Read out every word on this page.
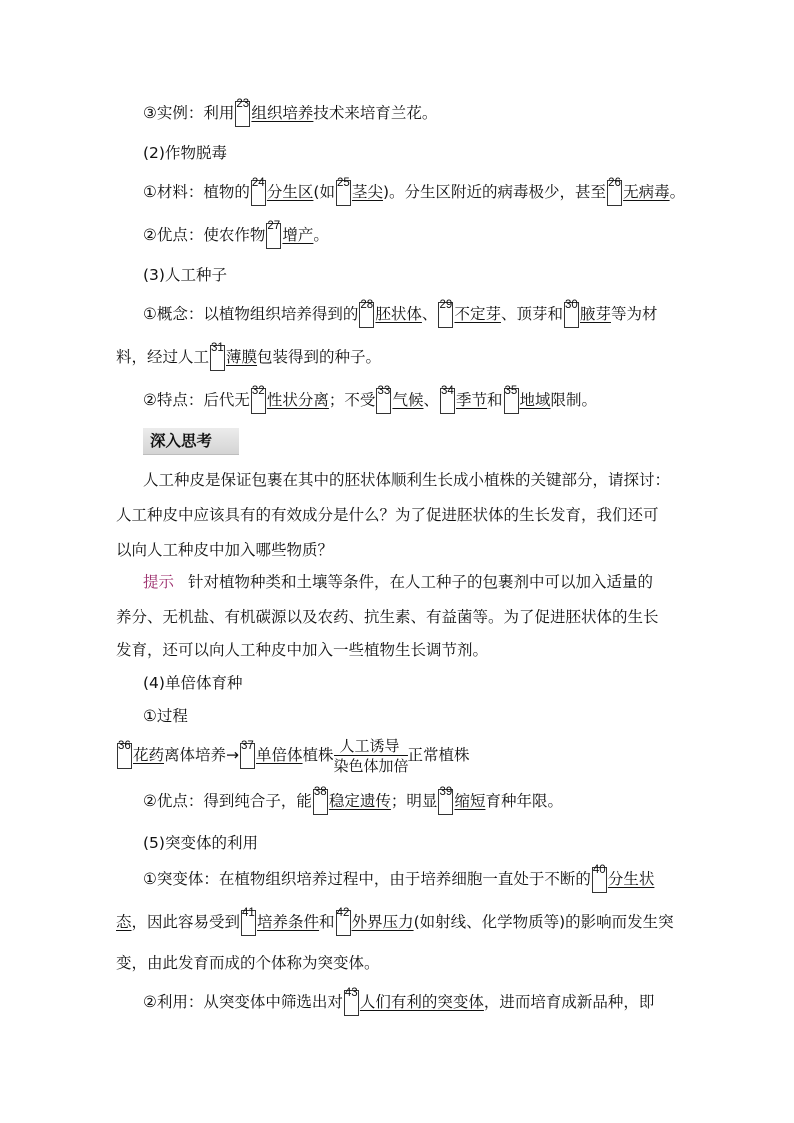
③实例：利用 23 组织培养技术来培育兰花。
(2)作物脱毒
①材料：植物的 24 分生区(如 25 茎尖)。分生区附近的病毒极少，甚至 26 无病毒。
②优点：使农作物 27 增产。
(3)人工种子
①概念：以植物组织培养得到的 28 胚状体、 29 不定芽、顶芽和 30 腋芽等为材
料，经过人工 31 薄膜包装得到的种子。
②特点：后代无 32 性状分离；不受 33 气候、 34 季节和 35 地域限制。
深入思考
人工种皮是保证包裹在其中的胚状体顺利生长成小植株的关键部分，请探讨：
人工种皮中应该具有的有效成分是什么？为了促进胚状体的生长发育，我们还可
以向人工种皮中加入哪些物质？
提示 针对植物种类和土壤等条件，在人工种子的包裹剂中可以加入适量的
养分、无机盐、有机碳源以及农药、抗生素、有益菌等。为了促进胚状体的生长
发育，还可以向人工种皮中加入一些植物生长调节剂。
(4)单倍体育种
①过程
36 花药离体培养→ 37 单倍体植株 人工诱导
染色体加倍
正常植株
②优点：得到纯合子，能 38 稳定遗传；明显 39 缩短育种年限。
(5)突变体的利用
①突变体：在植物组织培养过程中，由于培养细胞一直处于不断的 40 分生状
态，因此容易受到 41 培养条件和 42 外界压力(如射线、化学物质等)的影响而发生突
变，由此发育而成的个体称为突变体。
②利用：从突变体中筛选出对 43 人们有利的突变体，进而培育成新品种，即
